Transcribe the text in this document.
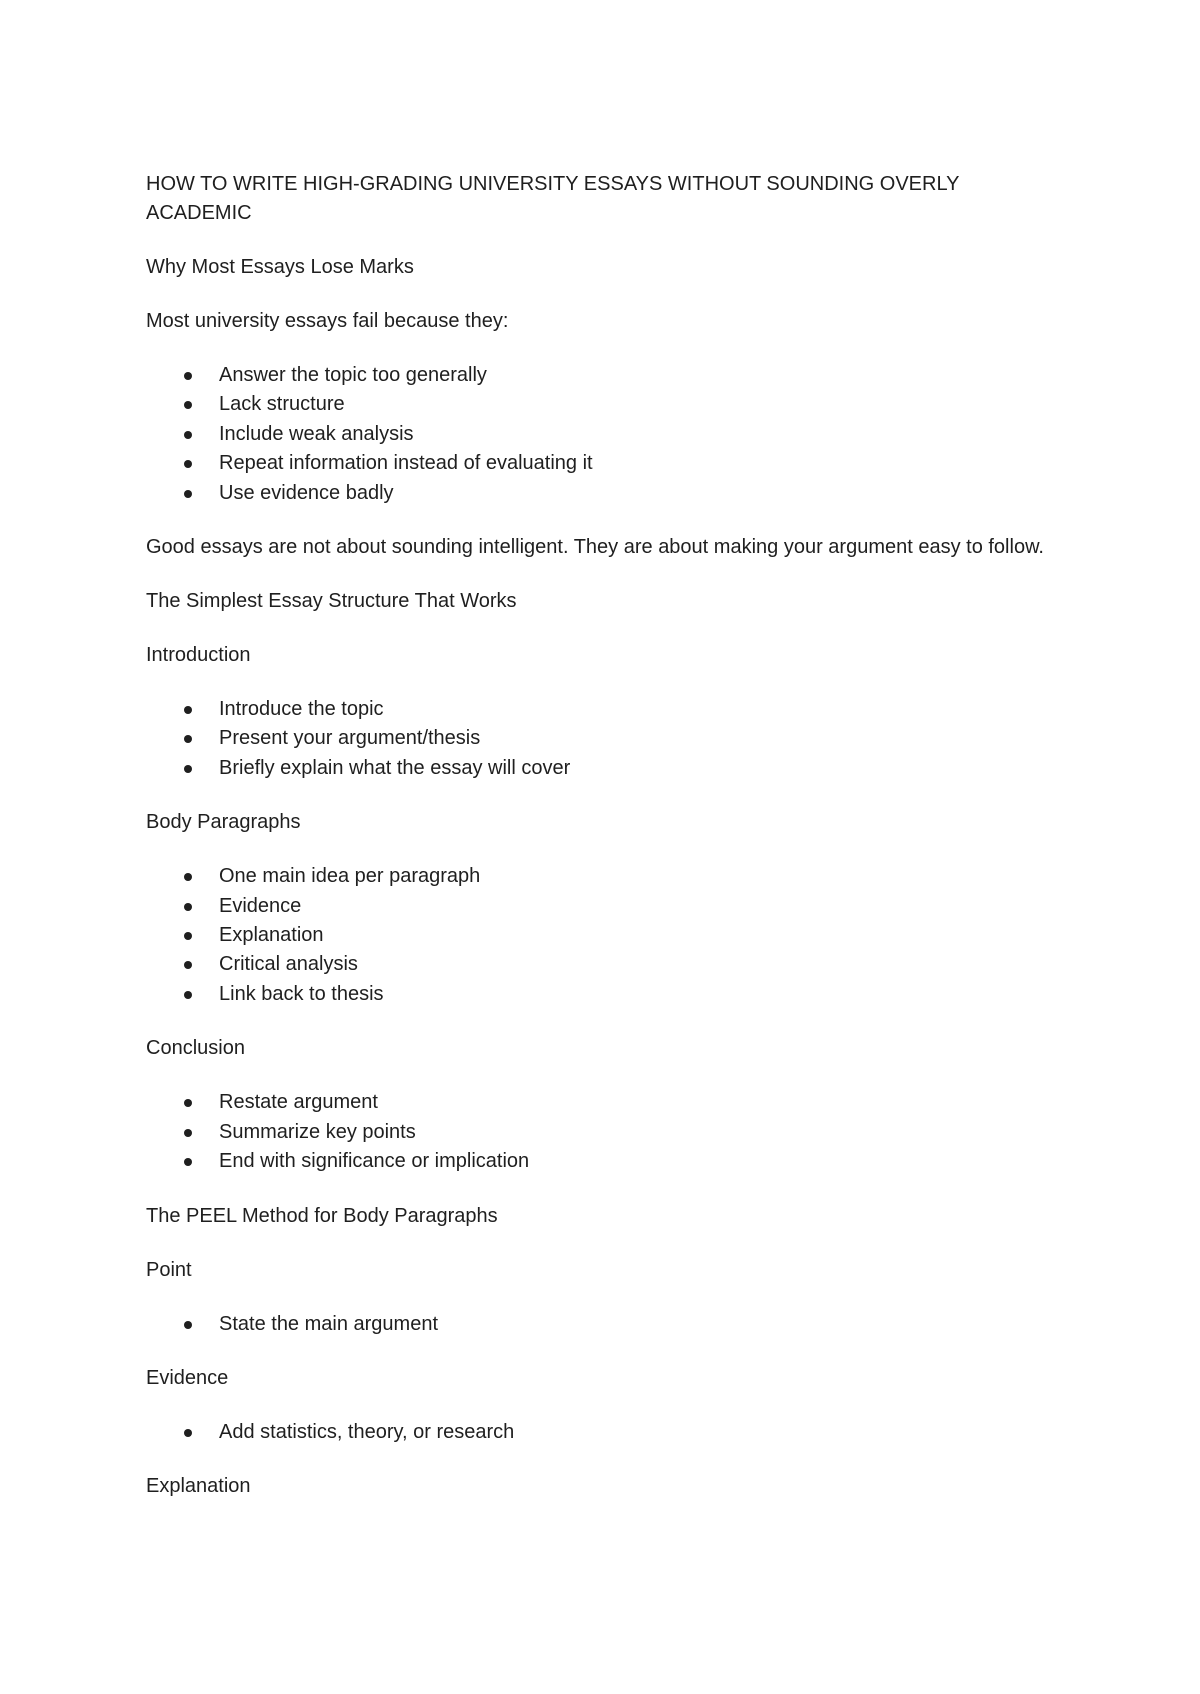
HOW TO WRITE HIGH-GRADING UNIVERSITY ESSAYS WITHOUT SOUNDING OVERLY ACADEMIC
Why Most Essays Lose Marks
Most university essays fail because they:
Answer the topic too generally
Lack structure
Include weak analysis
Repeat information instead of evaluating it
Use evidence badly
Good essays are not about sounding intelligent. They are about making your argument easy to follow.
The Simplest Essay Structure That Works
Introduction
Introduce the topic
Present your argument/thesis
Briefly explain what the essay will cover
Body Paragraphs
One main idea per paragraph
Evidence
Explanation
Critical analysis
Link back to thesis
Conclusion
Restate argument
Summarize key points
End with significance or implication
The PEEL Method for Body Paragraphs
Point
State the main argument
Evidence
Add statistics, theory, or research
Explanation
